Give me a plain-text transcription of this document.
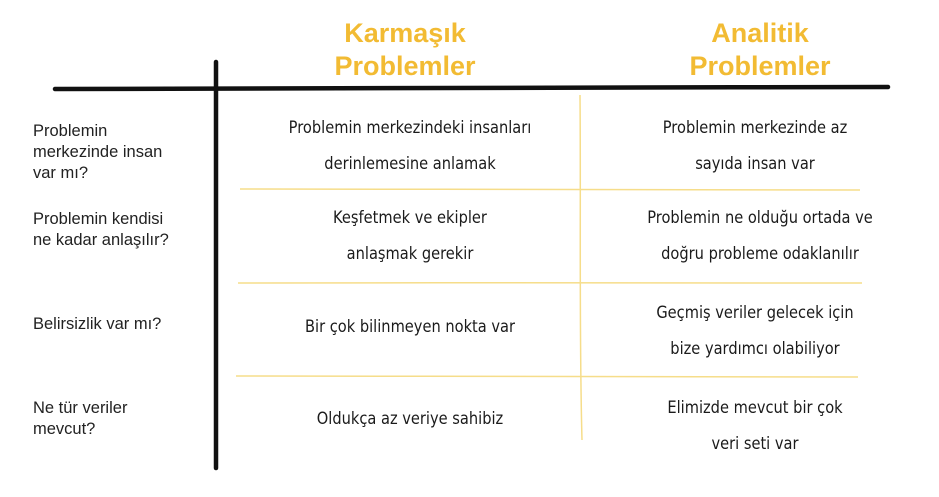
Karmaşık
Problemler
Analitik
Problemler
Problemin
merkezinde insan
var mı?
Problemin merkezindeki insanları
derinlemesine anlamak
Problemin merkezinde az
sayıda insan var
Problemin kendisi
ne kadar anlaşılır?
Keşfetmek ve ekipler
anlaşmak gerekir
Problemin ne olduğu ortada ve
doğru probleme odaklanılır
Belirsizlik var mı?	Bir çok bilinmeyen nokta var
Geçmiş veriler gelecek için
bize yardımcı olabiliyor
Ne tür veriler
mevcut?	Oldukça az veriye sahibiz
Elimizde mevcut bir çok
veri seti var
